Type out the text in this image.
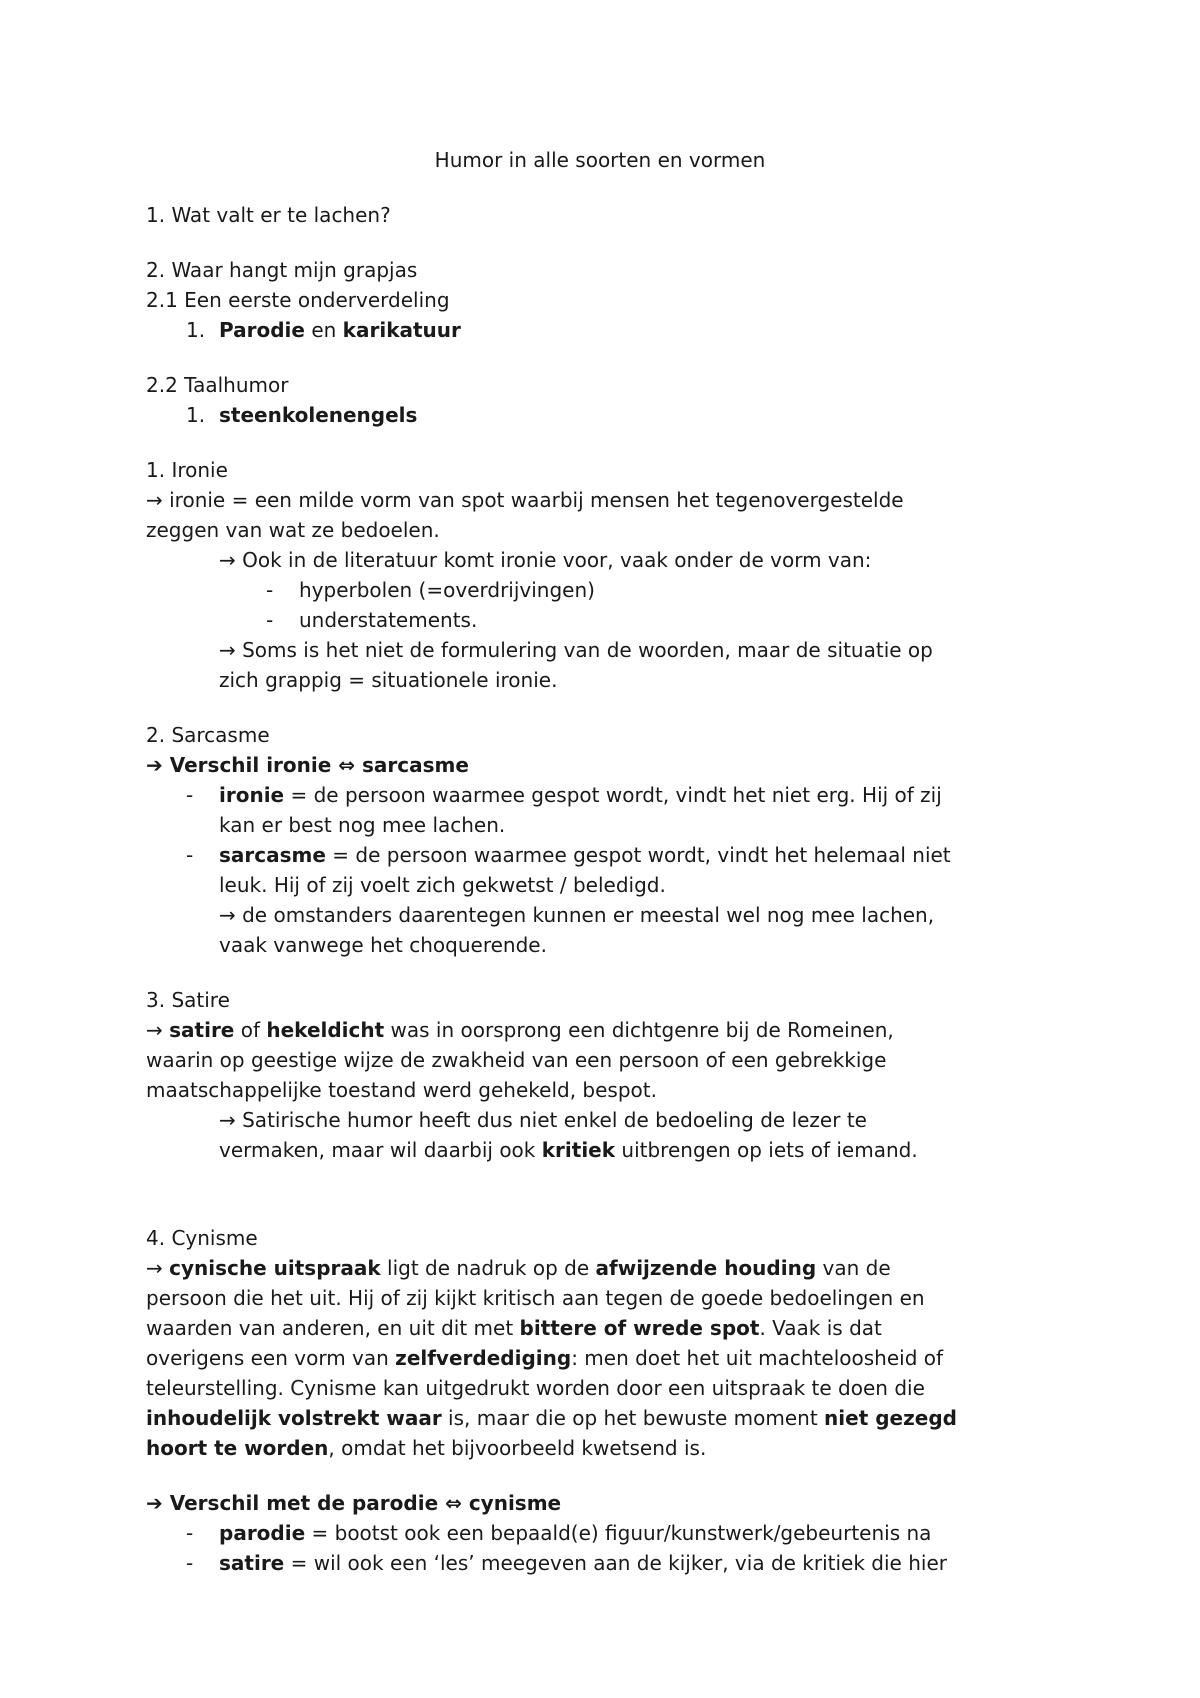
Humor in alle soorten en vormen
1. Wat valt er te lachen?
2. Waar hangt mijn grapjas
2.1 Een eerste onderverdeling
1. Parodie en karikatuur
2.2 Taalhumor
1. steenkolenengels
1. Ironie
→ ironie = een milde vorm van spot waarbij mensen het tegenovergestelde
zeggen van wat ze bedoelen.
→ Ook in de literatuur komt ironie voor, vaak onder de vorm van:
- hyperbolen (=overdrijvingen)
- understatements.
→ Soms is het niet de formulering van de woorden, maar de situatie op
zich grappig = situationele ironie.
2. Sarcasme
➔ Verschil ironie ⇔ sarcasme
- ironie = de persoon waarmee gespot wordt, vindt het niet erg. Hij of zij
kan er best nog mee lachen.
- sarcasme = de persoon waarmee gespot wordt, vindt het helemaal niet
leuk. Hij of zij voelt zich gekwetst / beledigd.
→ de omstanders daarentegen kunnen er meestal wel nog mee lachen,
vaak vanwege het choquerende.
3. Satire
→ satire of hekeldicht was in oorsprong een dichtgenre bij de Romeinen,
waarin op geestige wijze de zwakheid van een persoon of een gebrekkige
maatschappelijke toestand werd gehekeld, bespot.
→ Satirische humor heeft dus niet enkel de bedoeling de lezer te
vermaken, maar wil daarbij ook kritiek uitbrengen op iets of iemand.
4. Cynisme
→ cynische uitspraak ligt de nadruk op de afwijzende houding van de
persoon die het uit. Hij of zij kijkt kritisch aan tegen de goede bedoelingen en
waarden van anderen, en uit dit met bittere of wrede spot. Vaak is dat
overigens een vorm van zelfverdediging: men doet het uit machteloosheid of
teleurstelling. Cynisme kan uitgedrukt worden door een uitspraak te doen die
inhoudelijk volstrekt waar is, maar die op het bewuste moment niet gezegd
hoort te worden, omdat het bijvoorbeeld kwetsend is.
➔ Verschil met de parodie ⇔ cynisme
- parodie = bootst ook een bepaald(e) figuur/kunstwerk/gebeurtenis na
- satire = wil ook een ‘les’ meegeven aan de kijker, via de kritiek die hier
